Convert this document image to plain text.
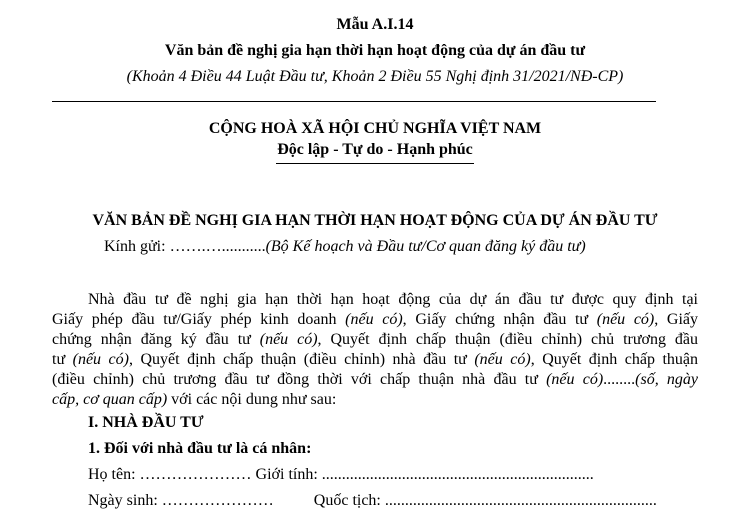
Mẫu A.I.14
Văn bản đề nghị gia hạn thời hạn hoạt động của dự án đầu tư
(Khoản 4 Điều 44 Luật Đầu tư, Khoản 2 Điều 55 Nghị định 31/2021/NĐ-CP)
CỘNG HOÀ XÃ HỘI CHỦ NGHĨA VIỆT NAM
Độc lập - Tự do - Hạnh phúc
VĂN BẢN ĐỀ NGHỊ GIA HẠN THỜI HẠN HOẠT ĐỘNG CỦA DỰ ÁN ĐẦU TƯ
Kính gửi: …….…...........(Bộ Kế hoạch và Đầu tư/Cơ quan đăng ký đầu tư)
Nhà đầu tư đề nghị gia hạn thời hạn hoạt động của dự án đầu tư được quy định tại
Giấy phép đầu tư/Giấy phép kinh doanh (nếu có), Giấy chứng nhận đầu tư (nếu có), Giấy
chứng nhận đăng ký đầu tư (nếu có), Quyết định chấp thuận (điều chỉnh) chủ trương đầu
tư (nếu có), Quyết định chấp thuận (điều chỉnh) nhà đầu tư (nếu có), Quyết định chấp thuận
(điều chỉnh) chủ trương đầu tư đồng thời với chấp thuận nhà đầu tư (nếu có)........(số, ngày
cấp, cơ quan cấp) với các nội dung như sau:
I. NHÀ ĐẦU TƯ
1. Đối với nhà đầu tư là cá nhân:
Họ tên: ………………… Giới tính: ....................................................................
Ngày sinh: …………………	Quốc tịch: ....................................................................
